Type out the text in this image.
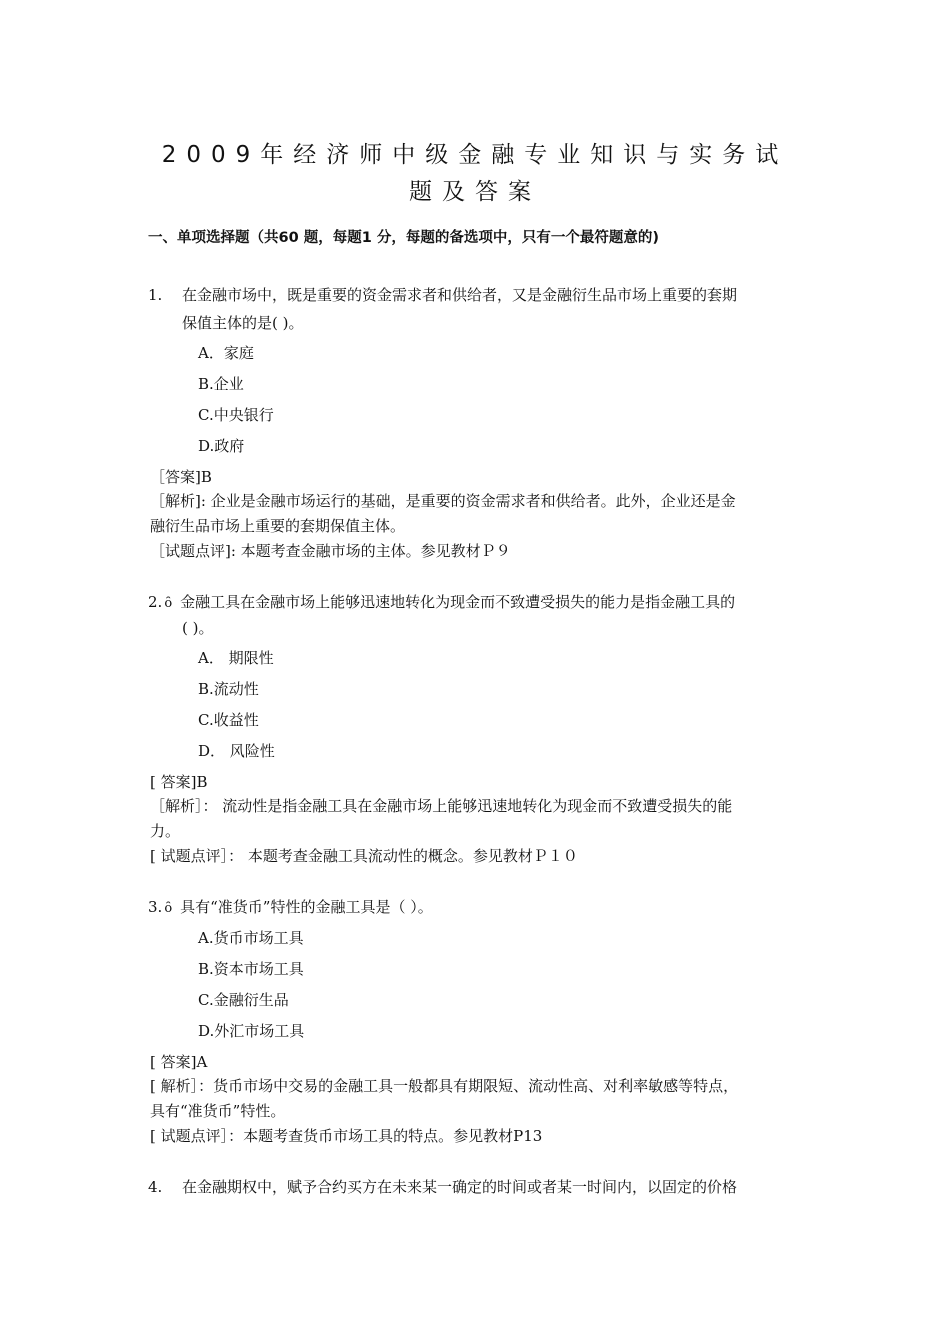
2009年经济师中级金融专业知识与实务试
题及答案
一、单项选择题（共60 题，每题1 分，每题的备选项中，只有一个最符题意的)
1. 在金融市场中，既是重要的资金需求者和供给者，又是金融衍生品市场上重要的套期
保值主体的是( )。
A．家庭
B.企业
C.中央银行
D.政府
［答案]B
［解析]: 企业是金融市场运行的基础，是重要的资金需求者和供给者。此外，企业还是金
融衍生品市场上重要的套期保值主体。
［试题点评]: 本题考查金融市场的主体。参见教材Ｐ９
2. ȏ 金融工具在金融市场上能够迅速地转化为现金而不致遭受损失的能力是指金融工具的
( )。
A． 期限性
B.流动性
C.收益性
D． 风险性
[ 答案]B
［解析］： 流动性是指金融工具在金融市场上能够迅速地转化为现金而不致遭受损失的能
力。
[ 试题点评］： 本题考查金融工具流动性的概念。参见教材Ｐ１０
3. ȏ 具有“准货币”特性的金融工具是（ ）。
A.货币市场工具
B.资本市场工具
C.金融衍生品
D.外汇市场工具
[ 答案]A
[ 解析］：货币市场中交易的金融工具一般都具有期限短、流动性高、对利率敏感等特点，
具有“准货币”特性。
[ 试题点评］：本题考查货币市场工具的特点。参见教材P13
4. 在金融期权中，赋予合约买方在未来某一确定的时间或者某一时间内，以固定的价格
